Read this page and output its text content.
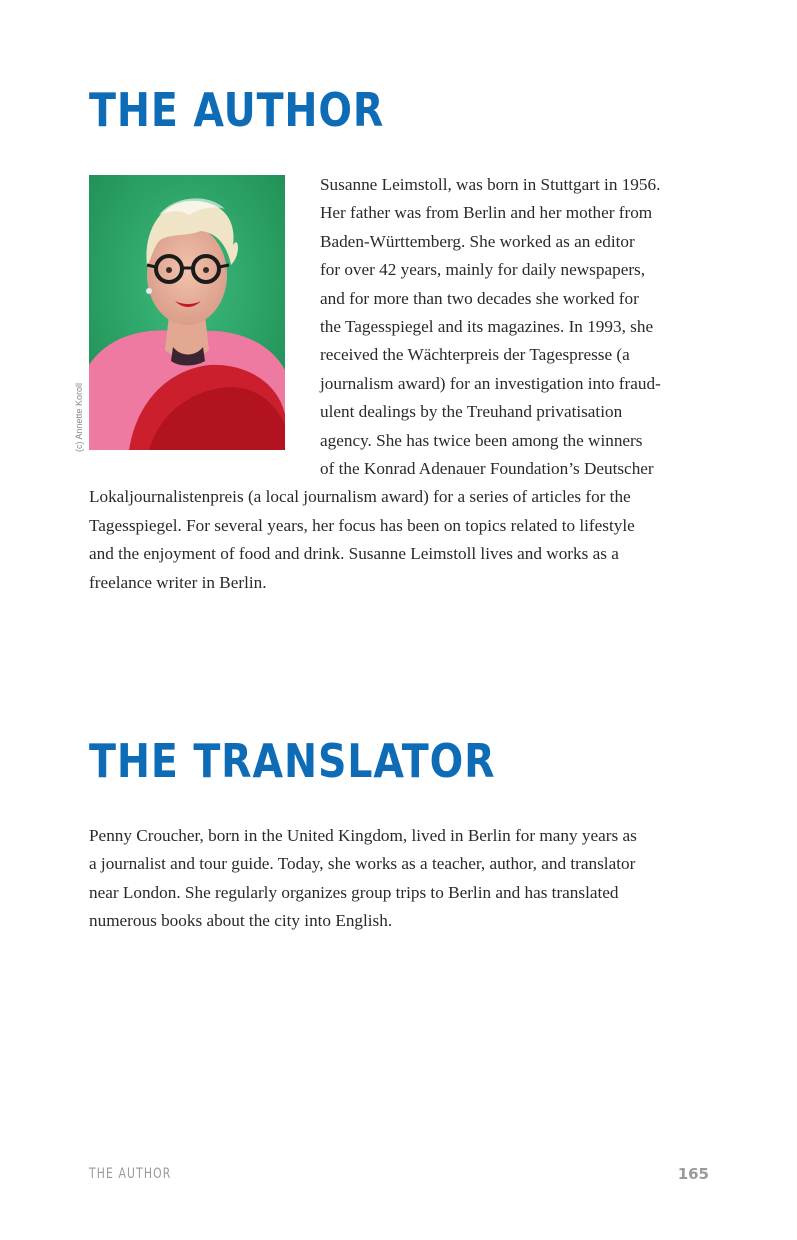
THE AUTHOR
(c) Annette Koroll
Susanne Leimstoll, was born in Stuttgart in 1956.
Her father was from Berlin and her mother from
Baden-Württemberg. She worked as an editor
for over 42 years, mainly for daily newspapers,
and for more than two decades she worked for
the Tagesspiegel and its magazines. In 1993, she
received the Wächterpreis der Tagespresse (a
journalism award) for an investigation into fraud-
ulent dealings by the Treuhand privatisation
agency. She has twice been among the winners
of the Konrad Adenauer Foundation’s Deutscher
Lokaljournalistenpreis (a local journalism award) for a series of articles for the
Tagesspiegel. For several years, her focus has been on topics related to lifestyle
and the enjoyment of food and drink. Susanne Leimstoll lives and works as a
freelance writer in Berlin.
THE TRANSLATOR
Penny Croucher, born in the United Kingdom, lived in Berlin for many years as
a journalist and tour guide. Today, she works as a teacher, author, and translator
near London. She regularly organizes group trips to Berlin and has translated
numerous books about the city into English.
THE AUTHOR	165
